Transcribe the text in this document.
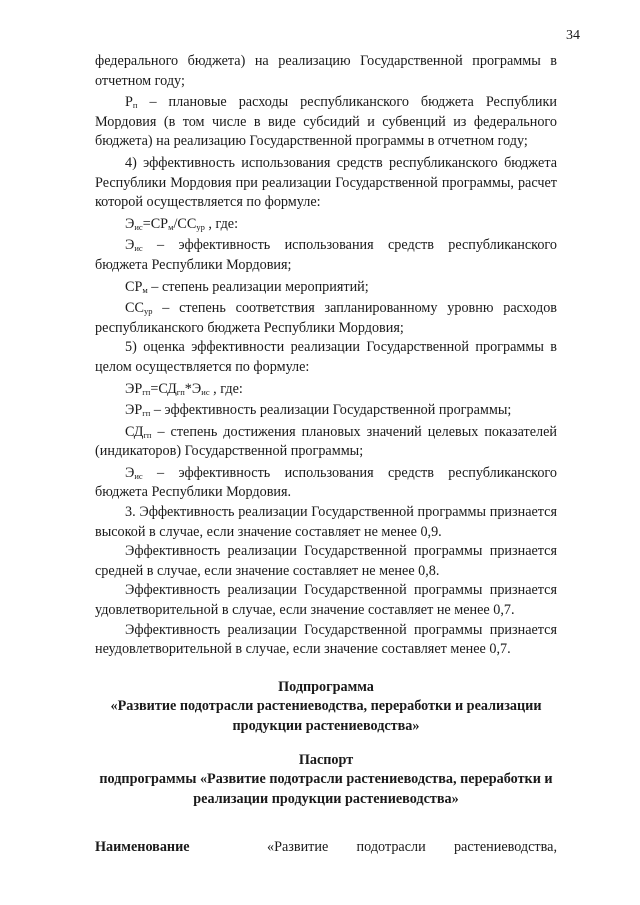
34

федерального бюджета) на реализацию Государственной программы в отчетном году;

$Р_п$ – плановые расходы республиканского бюджета Республики Мордовия (в том числе в виде субсидий и субвенций из федерального бюджета) на реализацию Государственной программы в отчетном году;

4) эффективность использования средств республиканского бюджета Республики Мордовия при реализации Государственной программы, расчет которой осуществляется по формуле:

$Э_{ис}=СР_м/СС_{ур}$ , где:

$Э_{ис}$ – эффективность использования средств республиканского бюджета Республики Мордовия;

$СР_м$ – степень реализации мероприятий;

$СС_{ур}$ – степень соответствия запланированному уровню расходов республиканского бюджета Республики Мордовия;

5) оценка эффективности реализации Государственной программы в целом осуществляется по формуле:

$ЭР_{гп}=СД_{гп}*Э_{ис}$ , где:

$ЭР_{гп}$ – эффективность реализации Государственной программы;

$СД_{гп}$ – степень достижения плановых значений целевых показателей (индикаторов) Государственной программы;

$Э_{ис}$ – эффективность использования средств республиканского бюджета Республики Мордовия.

3. Эффективность реализации Государственной программы признается высокой в случае, если значение составляет не менее 0,9.

Эффективность реализации Государственной программы признается средней в случае, если значение составляет не менее 0,8.

Эффективность реализации Государственной программы признается удовлетворительной в случае, если значение составляет не менее 0,7.

Эффективность реализации Государственной программы признается неудовлетворительной в случае, если значение составляет менее 0,7.

Подпрограмма

«Развитие подотрасли растениеводства, переработки и реализации продукции растениеводства»

Паспорт

подпрограммы «Развитие подотрасли растениеводства, переработки и реализации продукции растениеводства»

Наименование	«Развитие подотрасли растениеводства,
